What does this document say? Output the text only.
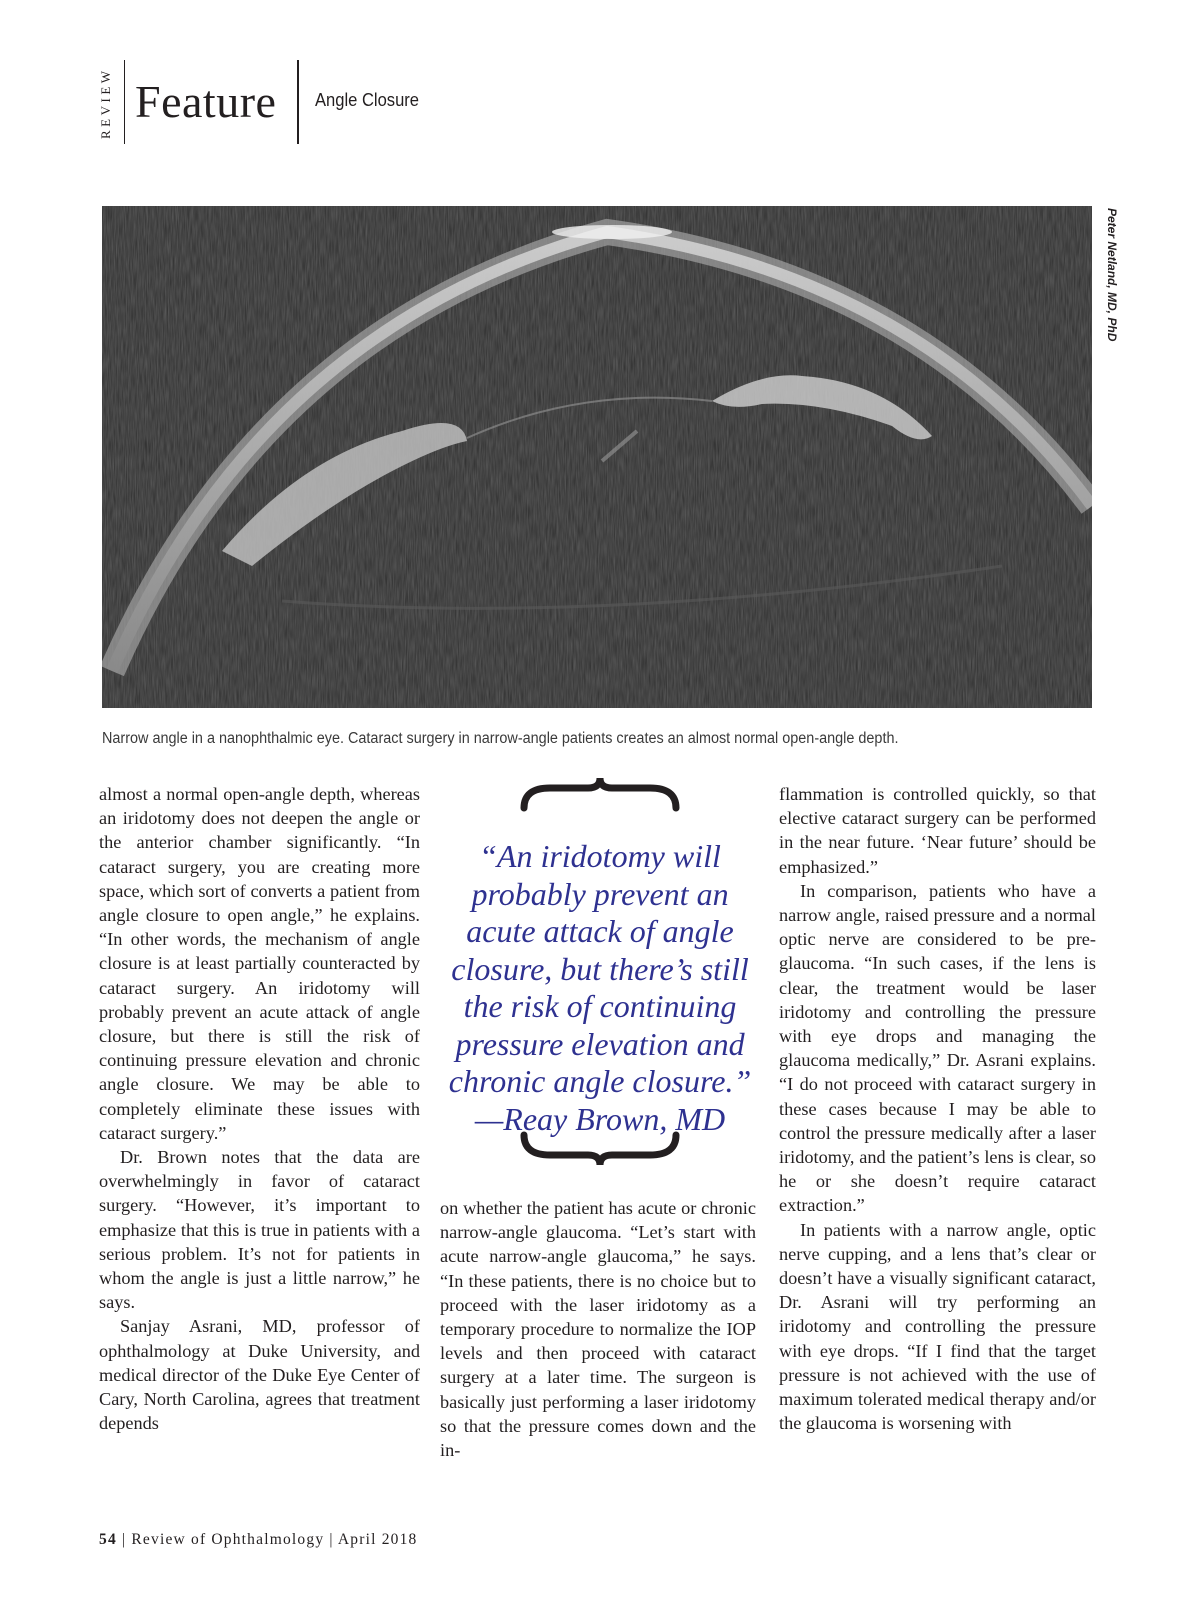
REVIEW Feature Angle Closure
Peter Netland, MD, PhD
Narrow angle in a nanophthalmic eye. Cataract surgery in narrow-angle patients creates an almost normal open-angle depth.

almost a normal open-angle depth, whereas an iridotomy does not deepen the angle or the anterior chamber significantly. “In cataract surgery, you are creating more space, which sort of converts a patient from angle closure to open angle,” he explains. “In other words, the mechanism of angle closure is at least partially counteracted by cataract surgery. An iridotomy will probably prevent an acute attack of angle closure, but there is still the risk of continuing pressure elevation and chronic angle closure. We may be able to completely eliminate these issues with cataract surgery.”

Dr. Brown notes that the data are overwhelmingly in favor of cataract surgery. “However, it’s important to emphasize that this is true in patients with a serious problem. It’s not for patients in whom the angle is just a little narrow,” he says.

Sanjay Asrani, MD, professor of ophthalmology at Duke University, and medical director of the Duke Eye Center of Cary, North Carolina, agrees that treatment depends

“An iridotomy will probably prevent an acute attack of angle closure, but there’s still the risk of continuing pressure elevation and chronic angle closure.”
—Reay Brown, MD

on whether the patient has acute or chronic narrow-angle glaucoma. “Let’s start with acute narrow-angle glaucoma,” he says. “In these patients, there is no choice but to proceed with the laser iridotomy as a temporary procedure to normalize the IOP levels and then proceed with cataract surgery at a later time. The surgeon is basically just performing a laser iridotomy so that the pressure comes down and the in-

flammation is controlled quickly, so that elective cataract surgery can be performed in the near future. ‘Near future’ should be emphasized.”

In comparison, patients who have a narrow angle, raised pressure and a normal optic nerve are considered to be pre-glaucoma. “In such cases, if the lens is clear, the treatment would be laser iridotomy and controlling the pressure with eye drops and managing the glaucoma medically,” Dr. Asrani explains. “I do not proceed with cataract surgery in these cases because I may be able to control the pressure medically after a laser iridotomy, and the patient’s lens is clear, so he or she doesn’t require cataract extraction.”

In patients with a narrow angle, optic nerve cupping, and a lens that’s clear or doesn’t have a visually significant cataract, Dr. Asrani will try performing an iridotomy and controlling the pressure with eye drops. “If I find that the target pressure is not achieved with the use of maximum tolerated medical therapy and/or the glaucoma is worsening with

54 | Review of Ophthalmology | April 2018
